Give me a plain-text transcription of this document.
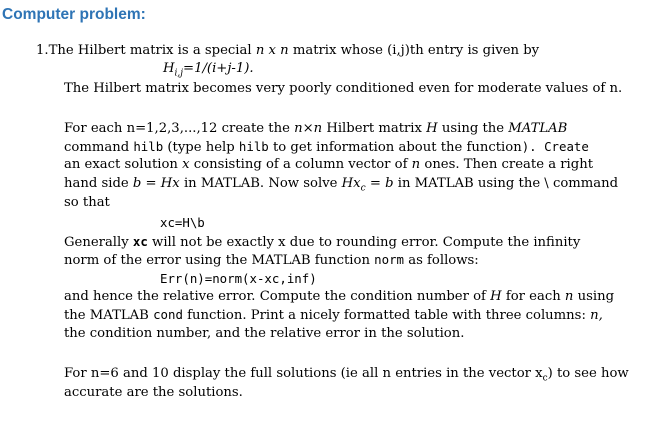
Computer problem:
1.The Hilbert matrix is a special n x n matrix whose (i,j)th entry is given by
$H_{i,j}=1/(i+j-1)$.
The Hilbert matrix becomes very poorly conditioned even for moderate values of n.
For each n=1,2,3,...,12 create the n×n Hilbert matrix H using the MATLAB
command hilb (type help hilb to get information about the function). Create
an exact solution x consisting of a column vector of n ones. Then create a right
hand side b = Hx in MATLAB. Now solve $Hx_c = b$ in MATLAB using the \ command
so that
xc=H\b
Generally xc will not be exactly x due to rounding error. Compute the infinity
norm of the error using the MATLAB function norm as follows:
Err(n)=norm(x-xc,inf)
and hence the relative error. Compute the condition number of H for each n using
the MATLAB cond function. Print a nicely formatted table with three columns: n,
the condition number, and the relative error in the solution.
For n=6 and 10 display the full solutions (ie all n entries in the vector $x_c$) to see how
accurate are the solutions.
